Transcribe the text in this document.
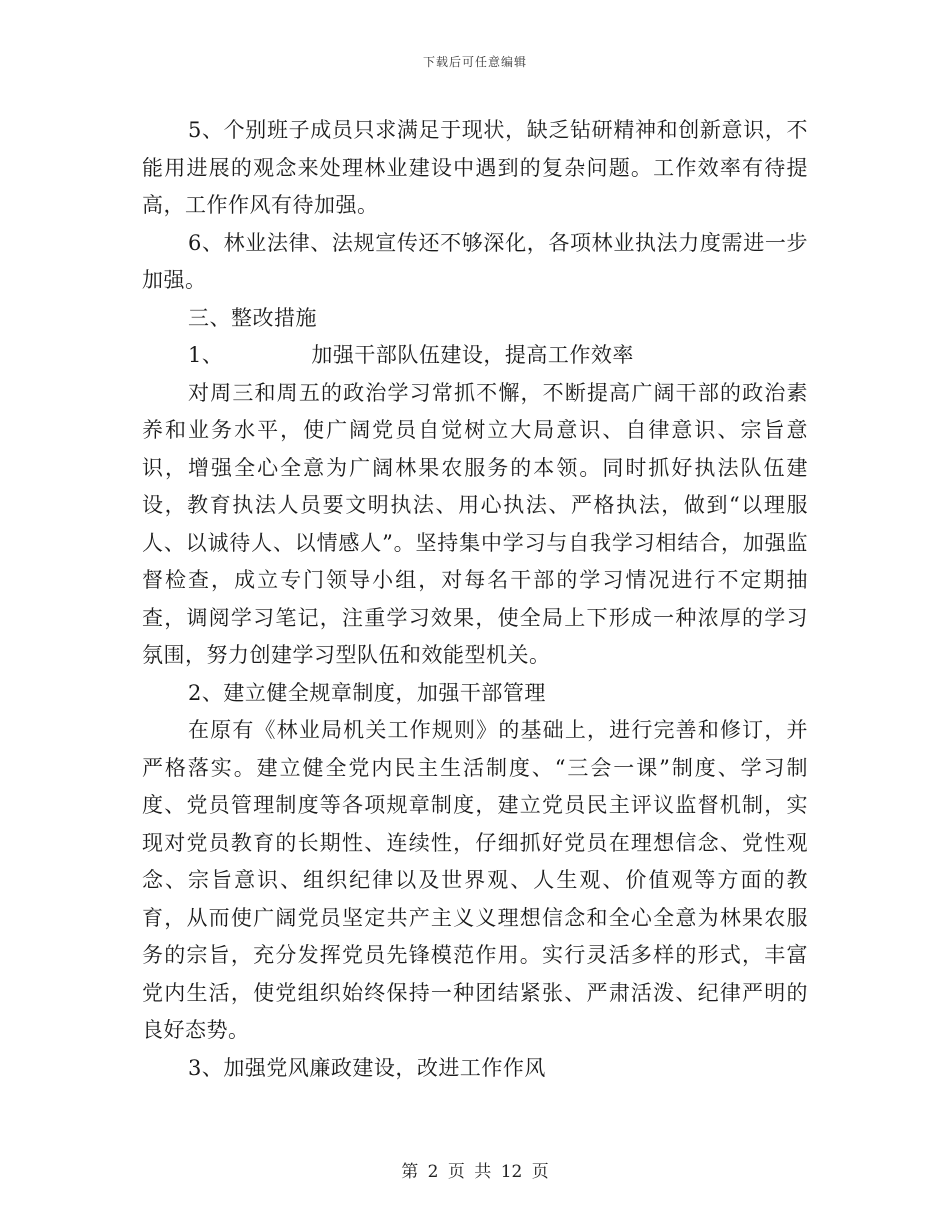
下载后可任意编辑

5、个别班子成员只求满足于现状，缺乏钻研精神和创新意识，不能用进展的观念来处理林业建设中遇到的复杂问题。工作效率有待提高，工作作风有待加强。

6、林业法律、法规宣传还不够深化，各项林业执法力度需进一步加强。

三、整改措施

1、	加强干部队伍建设，提高工作效率

对周三和周五的政治学习常抓不懈，不断提高广阔干部的政治素养和业务水平，使广阔党员自觉树立大局意识、自律意识、宗旨意识，增强全心全意为广阔林果农服务的本领。同时抓好执法队伍建设，教育执法人员要文明执法、用心执法、严格执法，做到“以理服人、以诚待人、以情感人”。坚持集中学习与自我学习相结合，加强监督检查，成立专门领导小组，对每名干部的学习情况进行不定期抽查，调阅学习笔记，注重学习效果，使全局上下形成一种浓厚的学习氛围，努力创建学习型队伍和效能型机关。

2、建立健全规章制度，加强干部管理

在原有《林业局机关工作规则》的基础上，进行完善和修订，并严格落实。建立健全党内民主生活制度、“三会一课”制度、学习制度、党员管理制度等各项规章制度，建立党员民主评议监督机制，实现对党员教育的长期性、连续性，仔细抓好党员在理想信念、党性观念、宗旨意识、组织纪律以及世界观、人生观、价值观等方面的教育，从而使广阔党员坚定共产主义义理想信念和全心全意为林果农服务的宗旨，充分发挥党员先锋模范作用。实行灵活多样的形式，丰富党内生活，使党组织始终保持一种团结紧张、严肃活泼、纪律严明的良好态势。

3、加强党风廉政建设，改进工作作风

第 2 页 共 12 页
